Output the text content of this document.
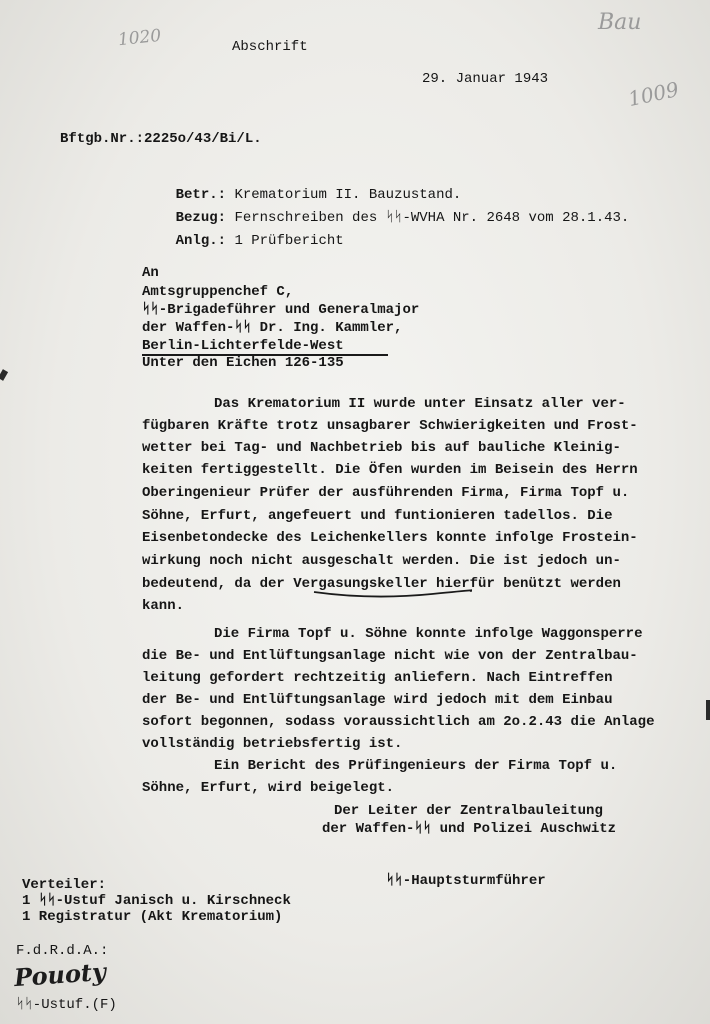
1020
Bau
1009
Abschrift
29. Januar 1943
Bftgb.Nr.:2225o/43/Bi/L.

Betr.: Krematorium II. Bauzustand.

Bezug: Fernschreiben des ᛋᛋ-WVHA Nr. 2648 vom 28.1.43.

Anlg.: 1 Prüfbericht

An
Amtsgruppenchef C,
ᛋᛋ-Brigadeführer und Generalmajor
der Waffen-ᛋᛋ Dr. Ing. Kammler,
Berlin-Lichterfelde-West
Unter den Eichen 126-135
Das Krematorium II wurde unter Einsatz aller ver-
fügbaren Kräfte trotz unsagbarer Schwierigkeiten und Frost-
wetter bei Tag- und Nachbetrieb bis auf bauliche Kleinig-
keiten fertiggestellt. Die Öfen wurden im Beisein des Herrn
Oberingenieur Prüfer der ausführenden Firma, Firma Topf u.
Söhne, Erfurt, angefeuert und funtionieren tadellos. Die
Eisenbetondecke des Leichenkellers konnte infolge Frostein-
wirkung noch nicht ausgeschalt werden. Die ist jedoch un-
bedeutend, da der Vergasungskeller hierfür benützt werden
kann.
Die Firma Topf u. Söhne konnte infolge Waggonsperre
die Be- und Entlüftungsanlage nicht wie von der Zentralbau-
leitung gefordert rechtzeitig anliefern. Nach Eintreffen
der Be- und Entlüftungsanlage wird jedoch mit dem Einbau
sofort begonnen, sodass voraussichtlich am 2o.2.43 die Anlage
vollständig betriebsfertig ist.
Ein Bericht des Prüfingenieurs der Firma Topf u.
Söhne, Erfurt, wird beigelegt.
Der Leiter der Zentralbauleitung
der Waffen-ᛋᛋ und Polizei Auschwitz
ᛋᛋ-Hauptsturmführer
Verteiler:
1 ᛋᛋ-Ustuf Janisch u. Kirschneck
1 Registratur (Akt Krematorium)
F.d.R.d.A.:
Pouoty
ᛋᛋ-Ustuf.(F)
